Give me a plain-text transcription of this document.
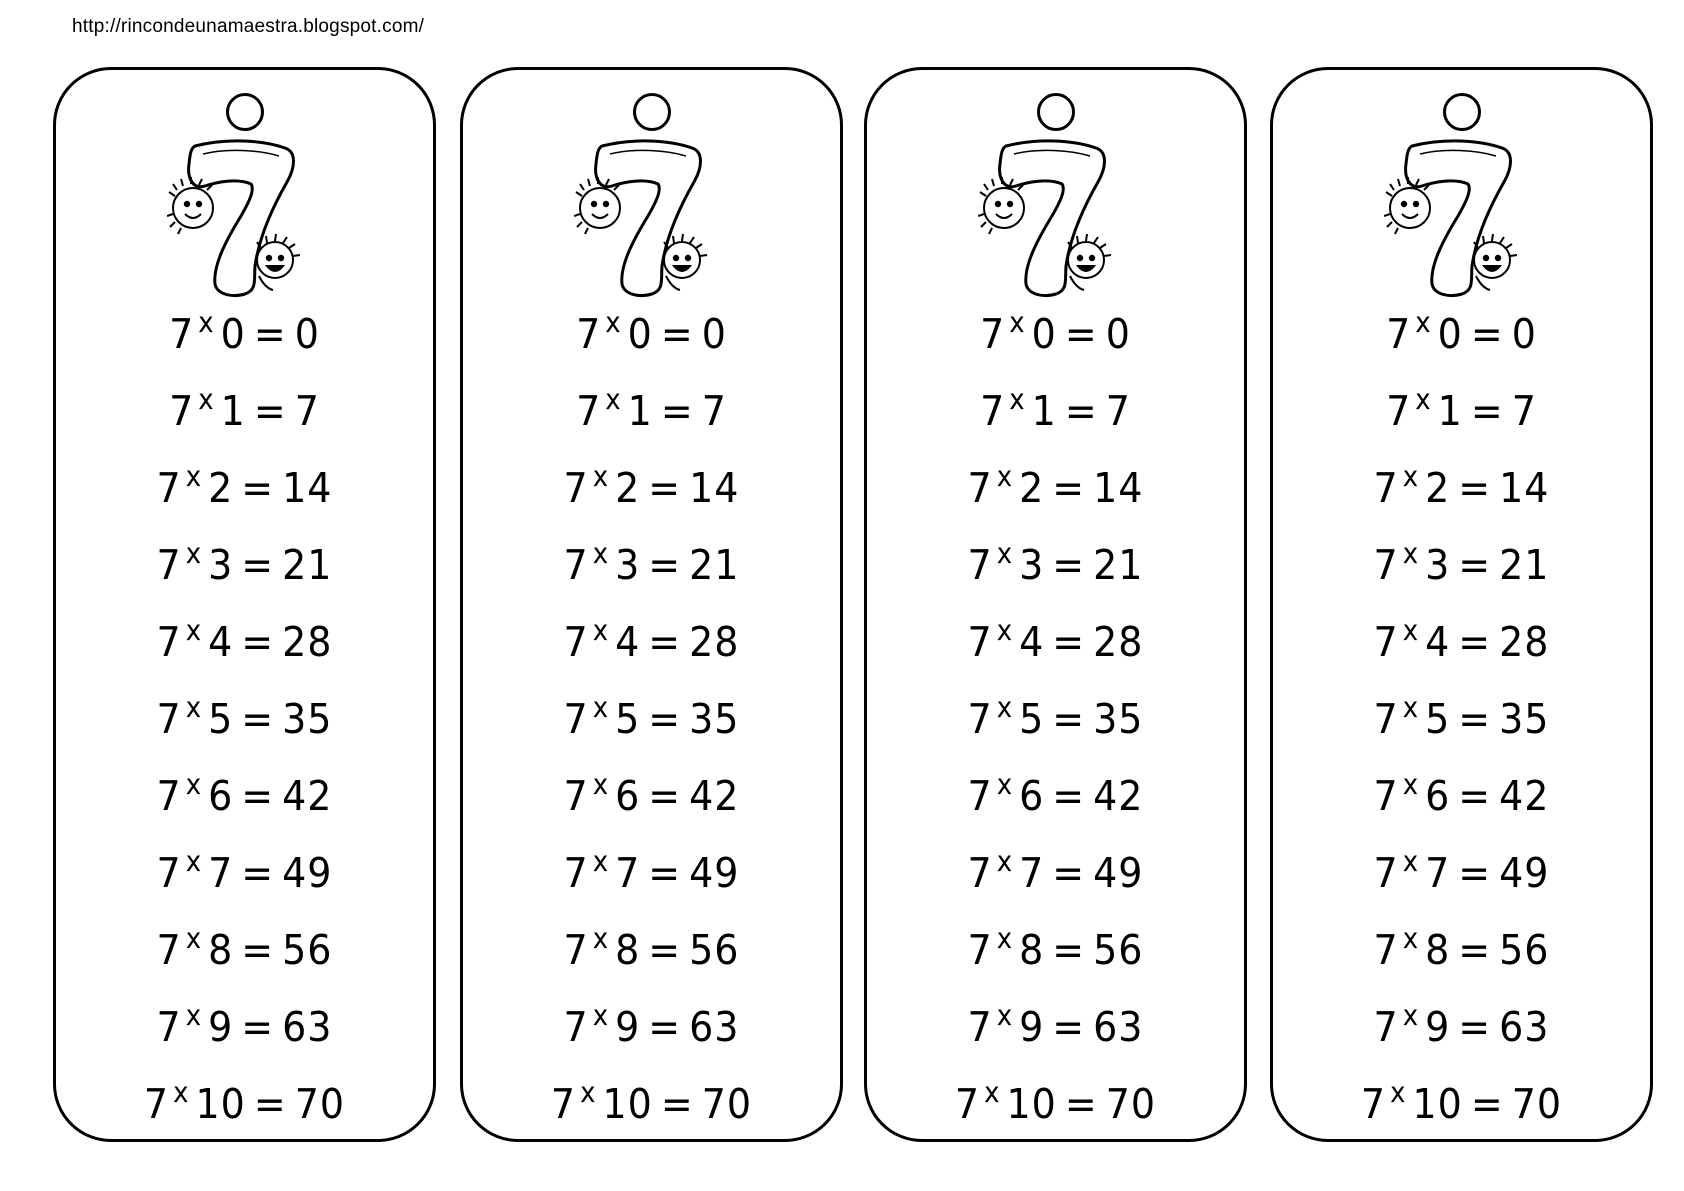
http://rincondeunamaestra.blogspot.com/
7 x 0 = 0
7 x 1 = 7
7 x 2 = 14
7 x 3 = 21
7 x 4 = 28
7 x 5 = 35
7 x 6 = 42
7 x 7 = 49
7 x 8 = 56
7 x 9 = 63
7 x 10 = 70
7 x 0 = 0
7 x 1 = 7
7 x 2 = 14
7 x 3 = 21
7 x 4 = 28
7 x 5 = 35
7 x 6 = 42
7 x 7 = 49
7 x 8 = 56
7 x 9 = 63
7 x 10 = 70
7 x 0 = 0
7 x 1 = 7
7 x 2 = 14
7 x 3 = 21
7 x 4 = 28
7 x 5 = 35
7 x 6 = 42
7 x 7 = 49
7 x 8 = 56
7 x 9 = 63
7 x 10 = 70
7 x 0 = 0
7 x 1 = 7
7 x 2 = 14
7 x 3 = 21
7 x 4 = 28
7 x 5 = 35
7 x 6 = 42
7 x 7 = 49
7 x 8 = 56
7 x 9 = 63
7 x 10 = 70
